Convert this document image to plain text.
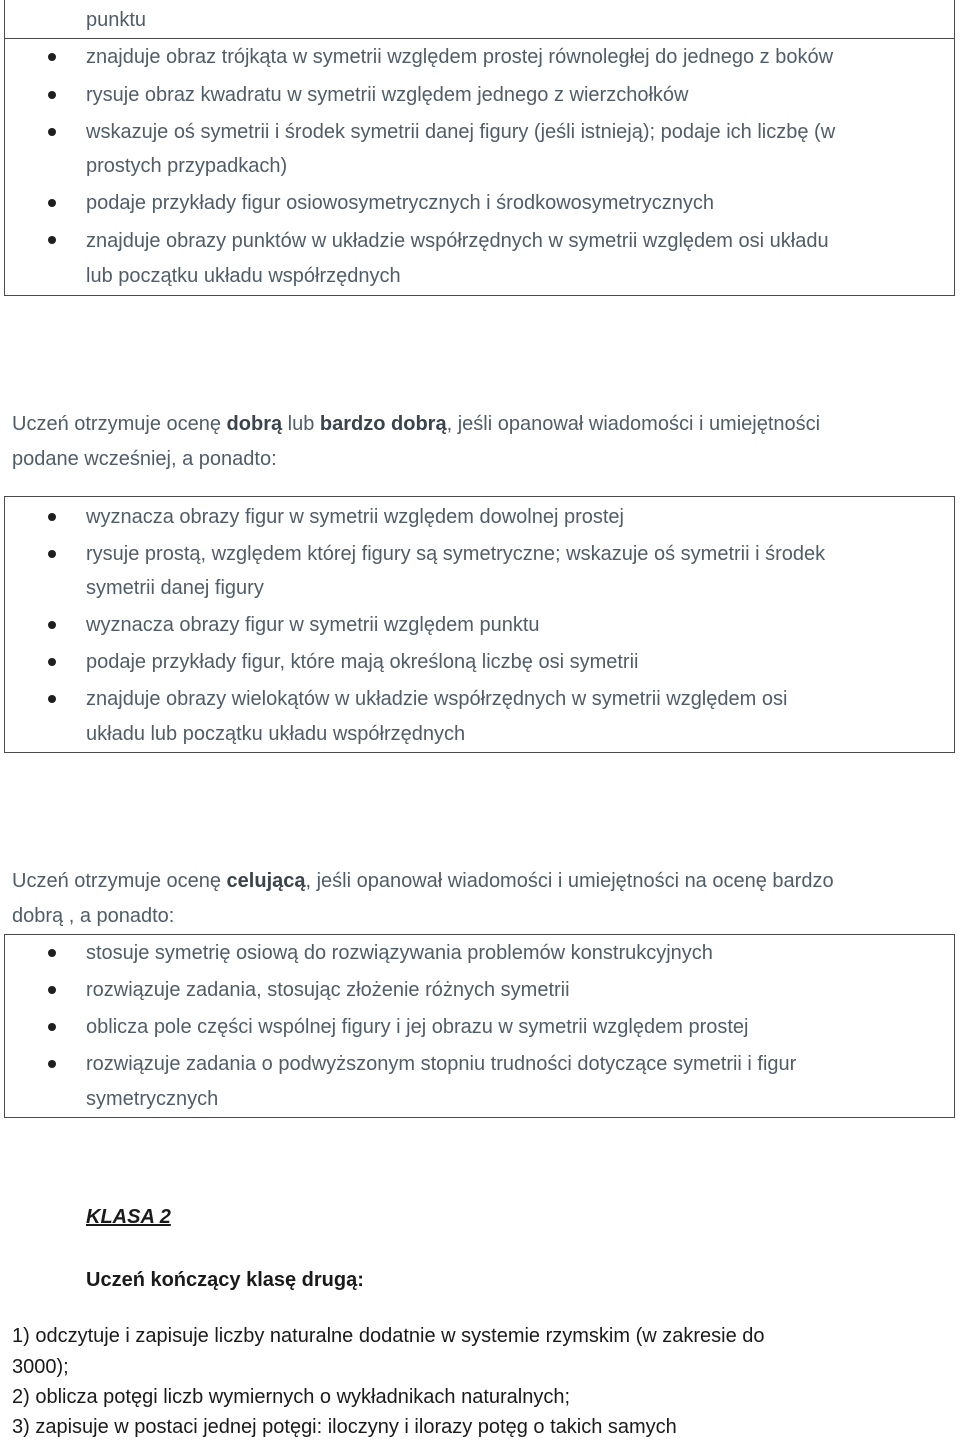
punktu
znajduje obraz trójkąta w symetrii względem prostej równoległej do jednego z boków
rysuje obraz kwadratu w symetrii względem jednego z wierzchołków
wskazuje oś symetrii i środek symetrii danej figury (jeśli istnieją); podaje ich liczbę (w
prostych przypadkach)
podaje przykłady figur osiowosymetrycznych i środkowosymetrycznych
znajduje obrazy punktów w układzie współrzędnych w symetrii względem osi układu
lub początku układu współrzędnych
Uczeń otrzymuje ocenę dobrą lub bardzo dobrą, jeśli opanował wiadomości i umiejętności
podane wcześniej, a ponadto:
wyznacza obrazy figur w symetrii względem dowolnej prostej
rysuje prostą, względem której figury są symetryczne; wskazuje oś symetrii i środek
symetrii danej figury
wyznacza obrazy figur w symetrii względem punktu
podaje przykłady figur, które mają określoną liczbę osi symetrii
znajduje obrazy wielokątów w układzie współrzędnych w symetrii względem osi
układu lub początku układu współrzędnych
Uczeń otrzymuje ocenę celującą, jeśli opanował wiadomości i umiejętności na ocenę bardzo
dobrą , a ponadto:
stosuje symetrię osiową do rozwiązywania problemów konstrukcyjnych
rozwiązuje zadania, stosując złożenie różnych symetrii
oblicza pole części wspólnej figury i jej obrazu w symetrii względem prostej
rozwiązuje zadania o podwyższonym stopniu trudności dotyczące symetrii i figur
symetrycznych
KLASA 2
Uczeń kończący klasę drugą:
1) odczytuje i zapisuje liczby naturalne dodatnie w systemie rzymskim (w zakresie do
3000);
2) oblicza potęgi liczb wymiernych o wykładnikach naturalnych;
3) zapisuje w postaci jednej potęgi: iloczyny i ilorazy potęg o takich samych
